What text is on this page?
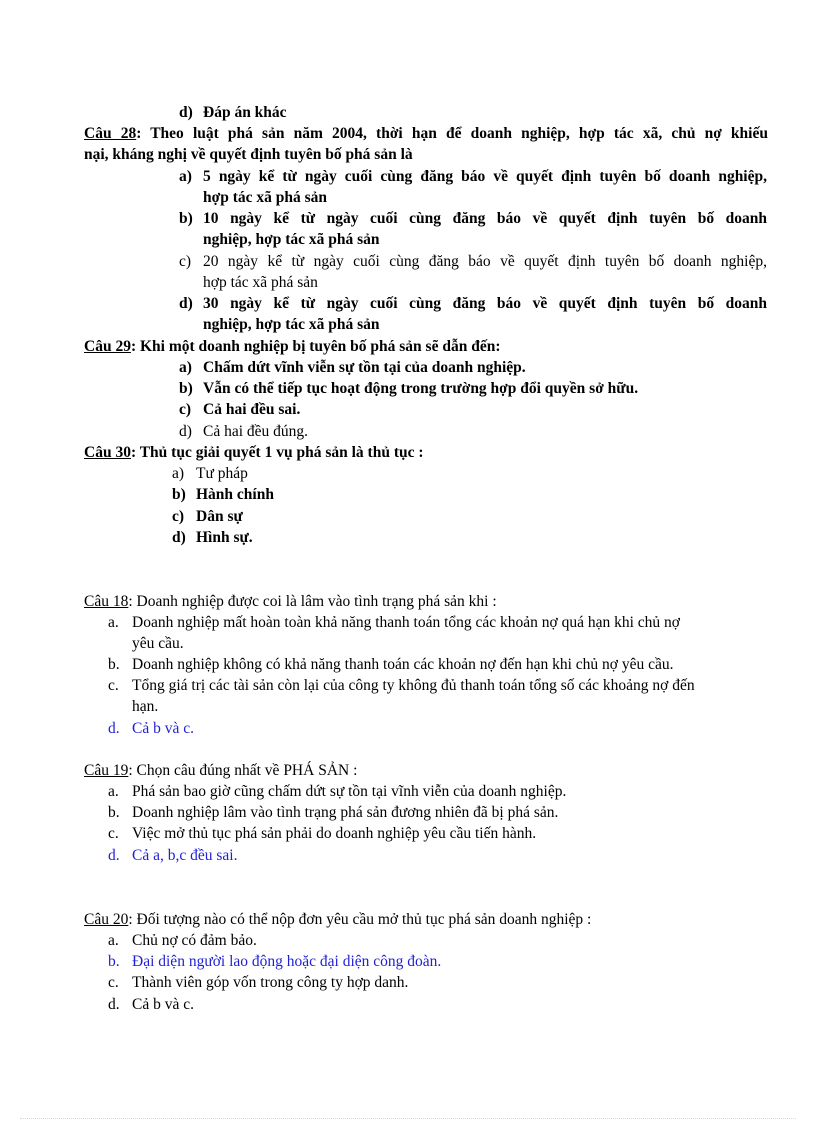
d) Đáp án khác
Câu 28: Theo luật phá sản năm 2004, thời hạn để doanh nghiệp, hợp tác xã, chủ nợ khiếu
nại, kháng nghị về quyết định tuyên bố phá sản là
a) 5 ngày kể từ ngày cuối cùng đăng báo về quyết định tuyên bố doanh nghiệp,
hợp tác xã phá sản
b) 10 ngày kể từ ngày cuối cùng đăng báo về quyết định tuyên bố doanh
nghiệp, hợp tác xã phá sản
c) 20 ngày kể từ ngày cuối cùng đăng báo về quyết định tuyên bố doanh nghiệp,
hợp tác xã phá sản
d) 30 ngày kể từ ngày cuối cùng đăng báo về quyết định tuyên bố doanh
nghiệp, hợp tác xã phá sản
Câu 29: Khi một doanh nghiệp bị tuyên bố phá sản sẽ dẫn đến:
a) Chấm dứt vĩnh viễn sự tồn tại của doanh nghiệp.
b) Vẫn có thể tiếp tục hoạt động trong trường hợp đổi quyền sở hữu.
c) Cả hai đều sai.
d) Cả hai đều đúng.
Câu 30: Thủ tục giải quyết 1 vụ phá sản là thủ tục :
a) Tư pháp
b) Hành chính
c) Dân sự
d) Hình sự.
Câu 18: Doanh nghiệp được coi là lâm vào tình trạng phá sản khi :
a. Doanh nghiệp mất hoàn toàn khả năng thanh toán tổng các khoản nợ quá hạn khi chủ nợ
yêu cầu.
b. Doanh nghiệp không có khả năng thanh toán các khoản nợ đến hạn khi chủ nợ yêu cầu.
c. Tổng giá trị các tài sản còn lại của công ty không đủ thanh toán tổng số các khoảng nợ đến
hạn.
d. Cả b và c.
Câu 19: Chọn câu đúng nhất về PHÁ SẢN :
a. Phá sản bao giờ cũng chấm dứt sự tồn tại vĩnh viễn của doanh nghiệp.
b. Doanh nghiệp lâm vào tình trạng phá sản đương nhiên đã bị phá sản.
c. Việc mở thủ tục phá sản phải do doanh nghiệp yêu cầu tiến hành.
d. Cả a, b,c đều sai.
Câu 20: Đối tượng nào có thể nộp đơn yêu cầu mở thủ tục phá sản doanh nghiệp :
a. Chủ nợ có đảm bảo.
b. Đại diện người lao động hoặc đại diện công đoàn.
c. Thành viên góp vốn trong công ty hợp danh.
d. Cả b và c.
